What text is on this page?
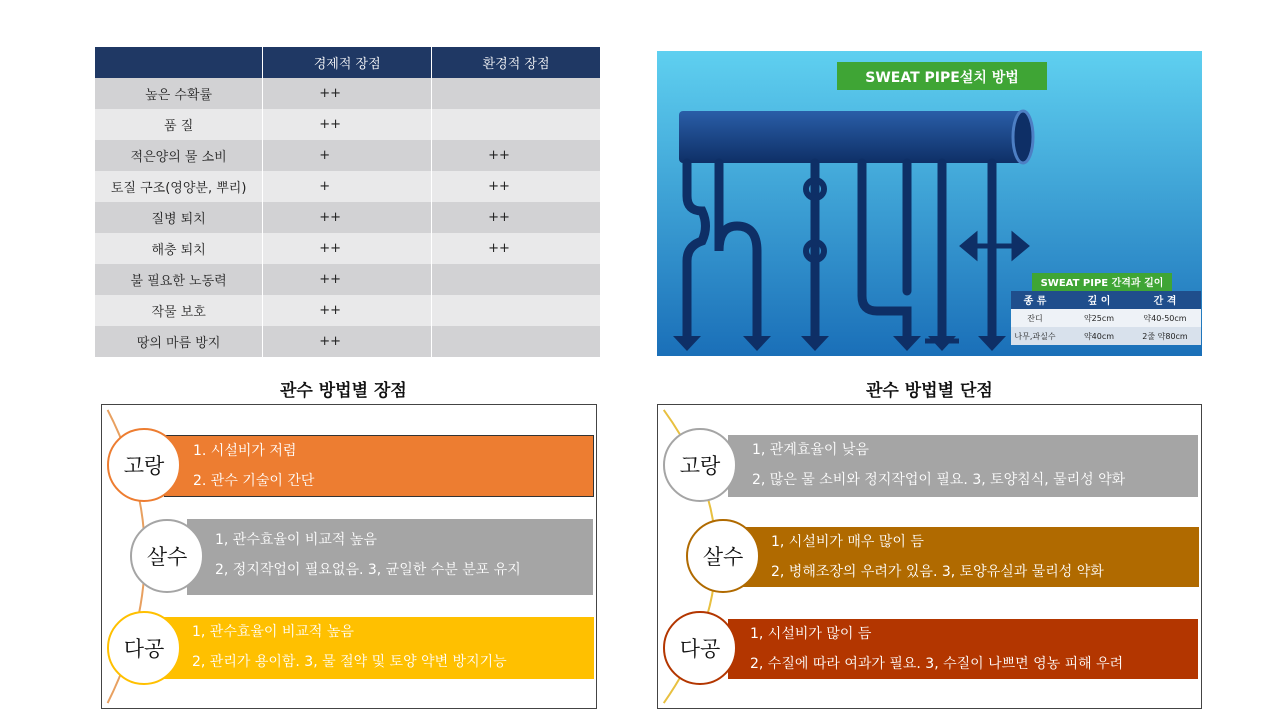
	경제적 장점	환경적 장점
높은 수확률	++	
품 질	++	
적은양의 물 소비	+	++
토질 구조(영양분, 뿌리)	+	++
질병 퇴치	++	++
해충 퇴치	++	++
불 필요한 노동력	++	
작물 보호	++	
땅의 마름 방지	++	
SWEAT PIPE설치 방법
SWEAT PIPE 간격과 길이
종 류	깊 이	간 격
잔디	약25cm	약40-50cm
나무,과실수	약40cm	2줄 약80cm
관수 방법별 장점	관수 방법별 단점

1. 시설비가 저렴

2. 관수 기술이 간단

고랑

1, 관수효율이 비교적 높음

2, 정지작업이 필요없음. 3, 균일한 수분 분포 유지

살수

1, 관수효율이 비교적 높음

2, 관리가 용이함. 3, 물 절약 및 토양 약변 방지기능

다공

1, 관계효율이 낮음

2, 많은 물 소비와 정지작업이 필요. 3, 토양침식, 물리성 약화

고랑

1, 시설비가 매우 많이 듬

2, 병해조장의 우려가 있음. 3, 토양유실과 물리성 약화

살수

1, 시설비가 많이 듬

2, 수질에 따라 여과가 필요. 3, 수질이 나쁘면 영농 피해 우려

다공
